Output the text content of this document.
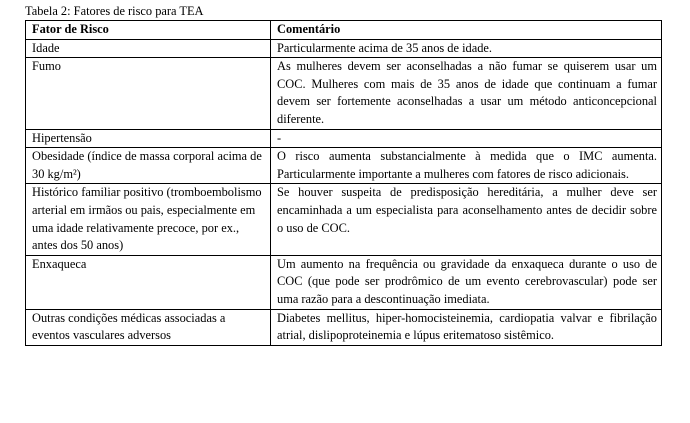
Tabela 2: Fatores de risco para TEA

Fator de Risco	Comentário
Idade	Particularmente acima de 35 anos de idade.
Fumo	As mulheres devem ser aconselhadas a não fumar se quiserem usar um COC. Mulheres com mais de 35 anos de idade que continuam a fumar devem ser fortemente aconselhadas a usar um método anticoncepcional diferente.
Hipertensão	-
Obesidade (índice de massa corporal acima de 30 kg/m²)	O risco aumenta substancialmente à medida que o IMC aumenta. Particularmente importante a mulheres com fatores de risco adicionais.
Histórico familiar positivo (tromboembolismo arterial em irmãos ou pais, especialmente em uma idade relativamente precoce, por ex., antes dos 50 anos)	Se houver suspeita de predisposição hereditária, a mulher deve ser encaminhada a um especialista para aconselhamento antes de decidir sobre o uso de COC.
Enxaqueca	Um aumento na frequência ou gravidade da enxaqueca durante o uso de COC (que pode ser prodrômico de um evento cerebrovascular) pode ser uma razão para a descontinuação imediata.
Outras condições médicas associadas a eventos vasculares adversos	Diabetes mellitus, hiper-homocisteinemia, cardiopatia valvar e fibrilação atrial, dislipoproteinemia e lúpus eritematoso sistêmico.
